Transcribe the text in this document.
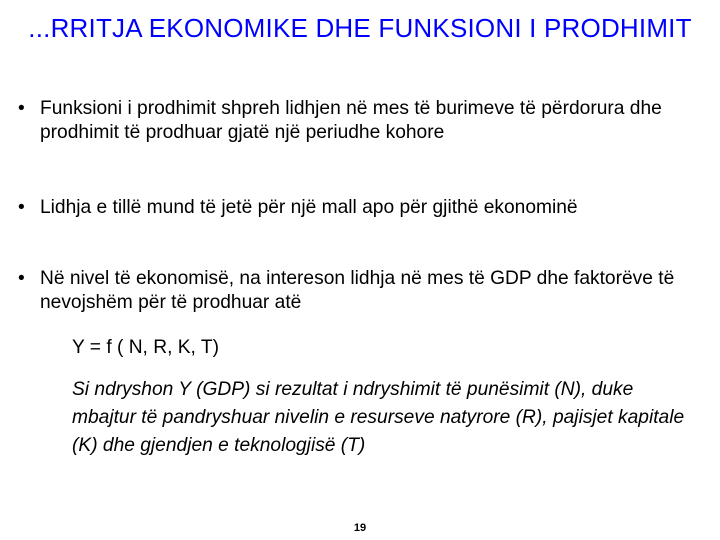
...RRITJA EKONOMIKE DHE FUNKSIONI I PRODHIMIT
• Funksioni i prodhimit shpreh lidhjen në mes të burimeve të përdorura dhe prodhimit të prodhuar gjatë një periudhe kohore
• Lidhja e tillë mund të jetë për një mall apo për gjithë ekonominë
• Në nivel të ekonomisë, na intereson lidhja në mes të GDP dhe faktorëve të nevojshëm për të prodhuar atë
Y = f ( N, R, K, T)
Si ndryshon Y (GDP) si rezultat i ndryshimit të punësimit (N), duke mbajtur të pandryshuar nivelin e resurseve natyrore (R), pajisjet kapitale (K) dhe gjendjen e teknologjisë (T)
19
